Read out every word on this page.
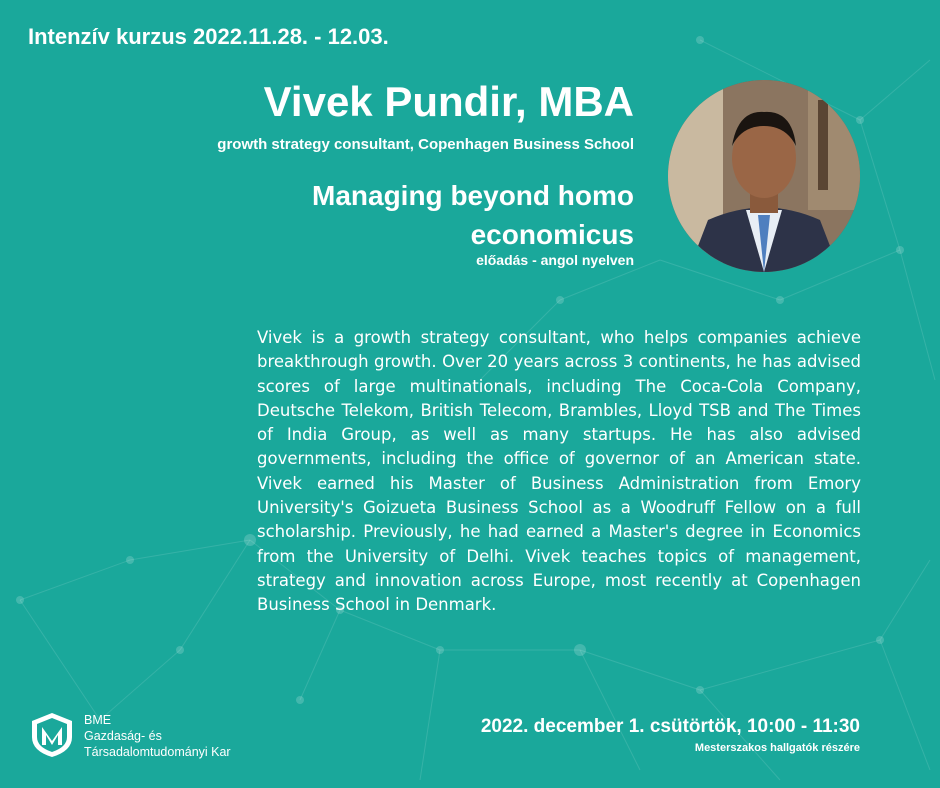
Intenzív kurzus 2022.11.28. - 12.03.
Vivek Pundir, MBA
growth strategy consultant, Copenhagen Business School
Managing beyond homo economicus
előadás - angol nyelven
Vivek is a growth strategy consultant, who helps companies achieve breakthrough growth. Over 20 years across 3 continents, he has advised scores of large multinationals, including The Coca-Cola Company, Deutsche Telekom, British Telecom, Brambles, Lloyd TSB and The Times of India Group, as well as many startups. He has also advised governments, including the office of governor of an American state. Vivek earned his Master of Business Administration from Emory University's Goizueta Business School as a Woodruff Fellow on a full scholarship. Previously, he had earned a Master's degree in Economics from the University of Delhi. Vivek teaches topics of management, strategy and innovation across Europe, most recently at Copenhagen Business School in Denmark.
BME
Gazdaság- és
Társadalomtudományi Kar
2022. december 1. csütörtök, 10:00 - 11:30
Mesterszakos hallgatók részére
